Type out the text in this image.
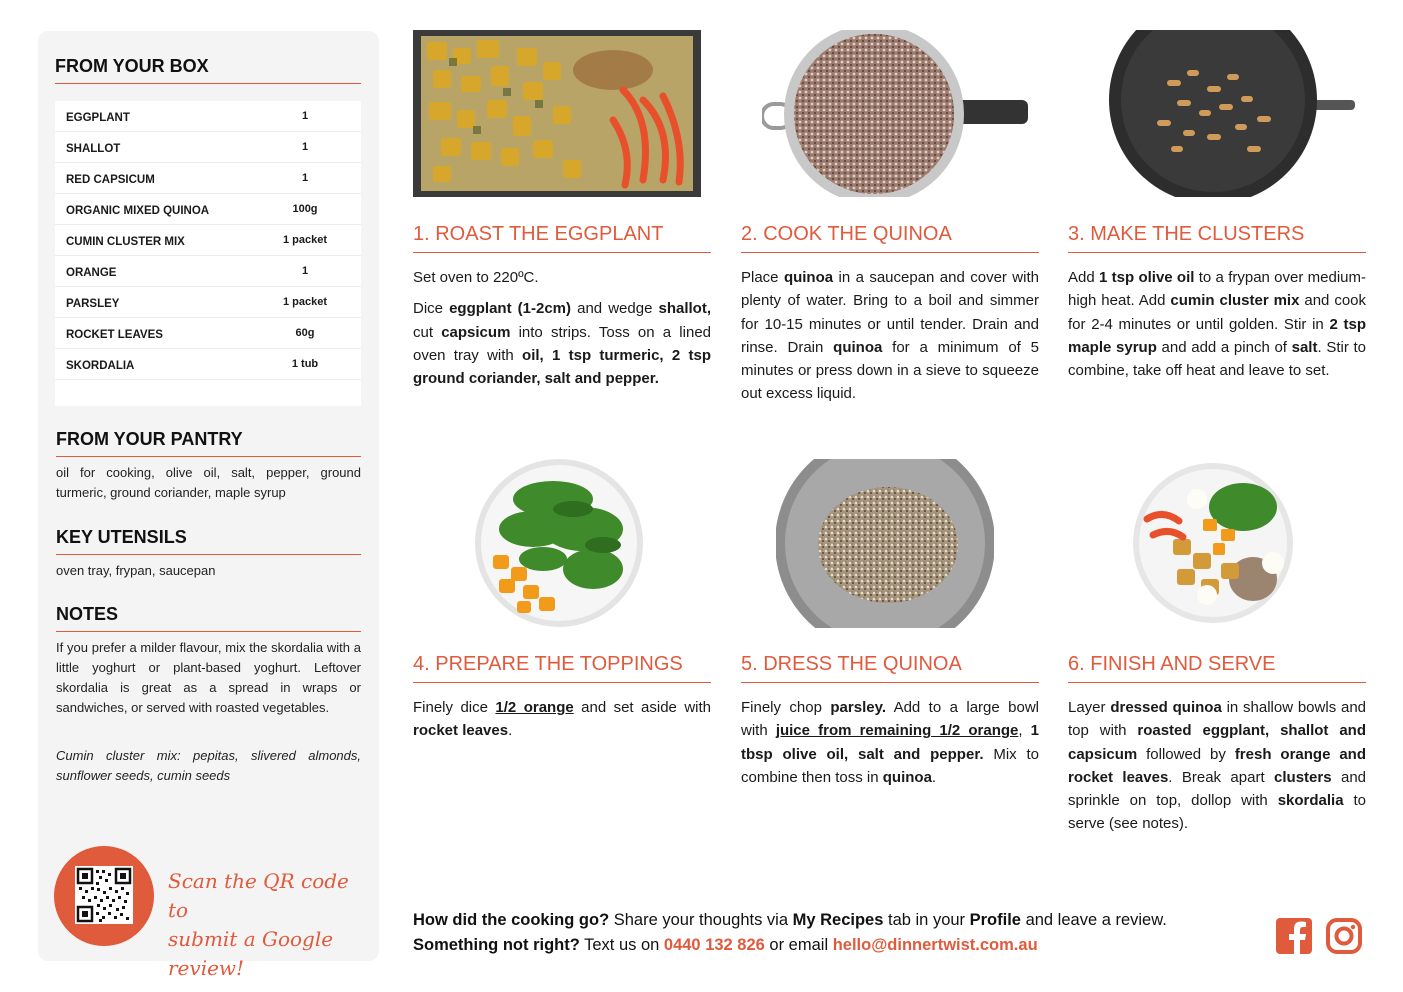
FROM YOUR BOX
EGGPLANT	1
SHALLOT	1
RED CAPSICUM	1
ORGANIC MIXED QUINOA	100g
CUMIN CLUSTER MIX	1 packet
ORANGE	1
PARSLEY	1 packet
ROCKET LEAVES	60g
SKORDALIA	1 tub
FROM YOUR PANTRY
oil for cooking, olive oil, salt, pepper, ground turmeric, ground coriander, maple syrup
KEY UTENSILS
oven tray, frypan, saucepan
NOTES
If you prefer a milder flavour, mix the skordalia with a little yoghurt or plant-based yoghurt. Leftover skordalia is great as a spread in wraps or sandwiches, or served with roasted vegetables.
Cumin cluster mix: pepitas, slivered almonds, sunflower seeds, cumin seeds
Scan the QR code to
submit a Google review!
1. ROAST THE EGGPLANT

Set oven to 220ºC.

Dice eggplant (1-2cm) and wedge shallot, cut capsicum into strips. Toss on a lined oven tray with oil, 1 tsp turmeric, 2 tsp ground coriander, salt and pepper.

2. COOK THE QUINOA

Place quinoa in a saucepan and cover with plenty of water. Bring to a boil and simmer for 10-15 minutes or until tender. Drain and rinse. Drain quinoa for a minimum of 5 minutes or press down in a sieve to squeeze out excess liquid.

3. MAKE THE CLUSTERS

Add 1 tsp olive oil to a frypan over medium-high heat. Add cumin cluster mix and cook for 2-4 minutes or until golden. Stir in 2 tsp maple syrup and add a pinch of salt. Stir to combine, take off heat and leave to set.

4. PREPARE THE TOPPINGS

Finely dice 1/2 orange and set aside with rocket leaves.

5. DRESS THE QUINOA

Finely chop parsley. Add to a large bowl with juice from remaining 1/2 orange, 1 tbsp olive oil, salt and pepper. Mix to combine then toss in quinoa.

6. FINISH AND SERVE

Layer dressed quinoa in shallow bowls and top with roasted eggplant, shallot and capsicum followed by fresh orange and rocket leaves. Break apart clusters and sprinkle on top, dollop with skordalia to serve (see notes).

How did the cooking go? Share your thoughts via My Recipes tab in your Profile and leave a review.
Something not right? Text us on 0440 132 826 or email hello@dinnertwist.com.au
